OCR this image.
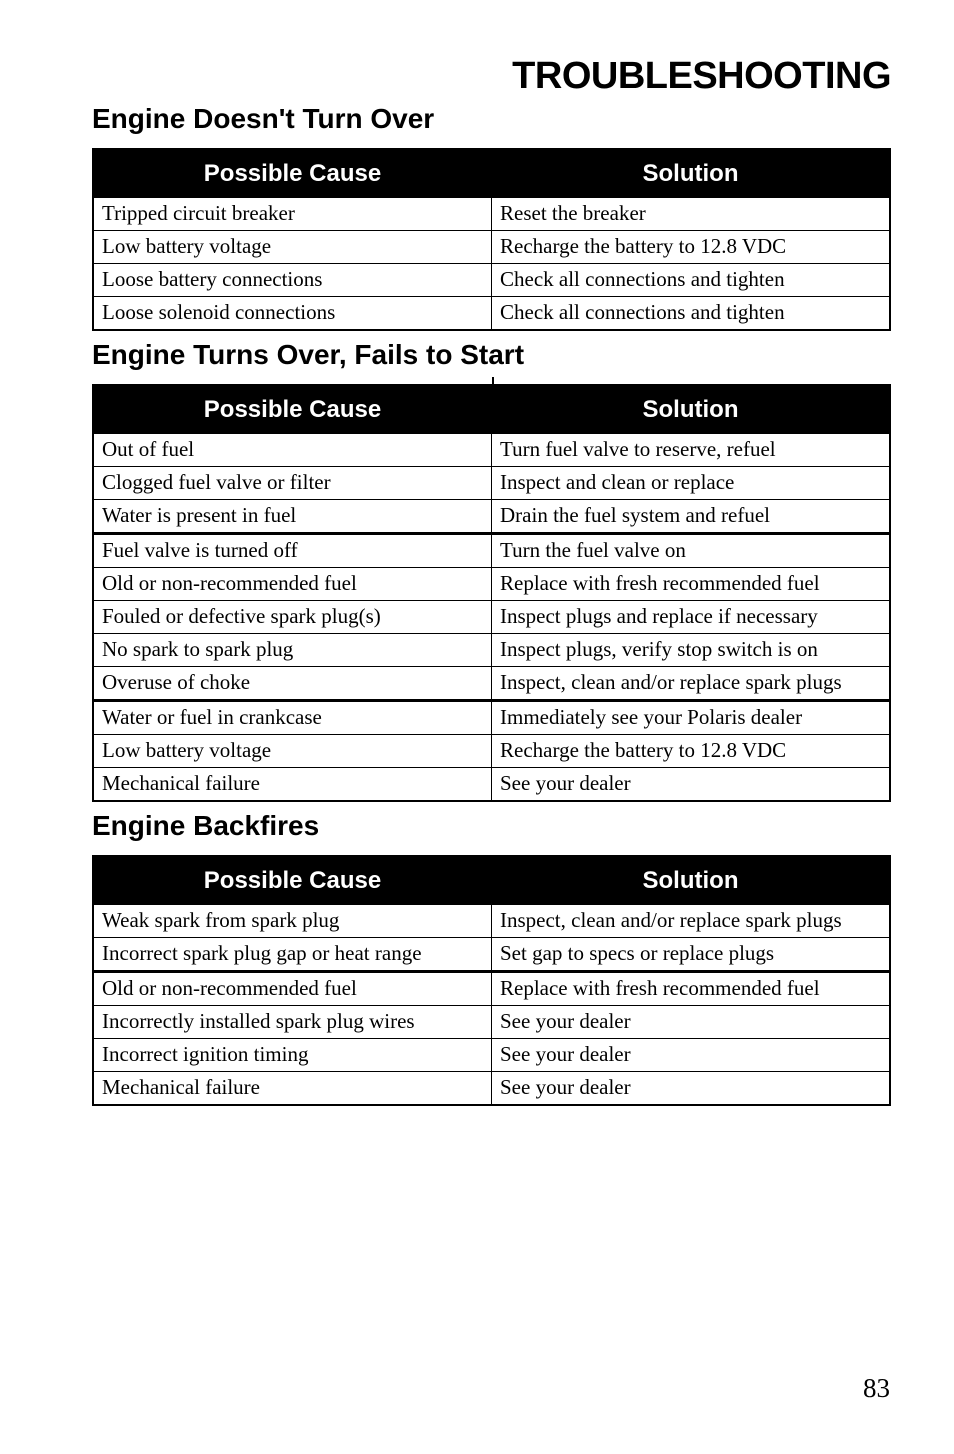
TROUBLESHOOTING
Engine Doesn't Turn Over
Possible Cause	Solution
Tripped circuit breaker	Reset the breaker
Low battery voltage	Recharge the battery to 12.8 VDC
Loose battery connections	Check all connections and tighten
Loose solenoid connections	Check all connections and tighten
Engine Turns Over, Fails to Start
Possible Cause	Solution
Out of fuel	Turn fuel valve to reserve, refuel
Clogged fuel valve or filter	Inspect and clean or replace
Water is present in fuel	Drain the fuel system and refuel
Fuel valve is turned off	Turn the fuel valve on
Old or non-recommended fuel	Replace with fresh recommended fuel
Fouled or defective spark plug(s)	Inspect plugs and replace if necessary
No spark to spark plug	Inspect plugs, verify stop switch is on
Overuse of choke	Inspect, clean and/or replace spark plugs
Water or fuel in crankcase	Immediately see your Polaris dealer
Low battery voltage	Recharge the battery to 12.8 VDC
Mechanical failure	See your dealer
Engine Backfires
Possible Cause	Solution
Weak spark from spark plug	Inspect, clean and/or replace spark plugs
Incorrect spark plug gap or heat range	Set gap to specs or replace plugs
Old or non-recommended fuel	Replace with fresh recommended fuel
Incorrectly installed spark plug wires	See your dealer
Incorrect ignition timing	See your dealer
Mechanical failure	See your dealer
83
